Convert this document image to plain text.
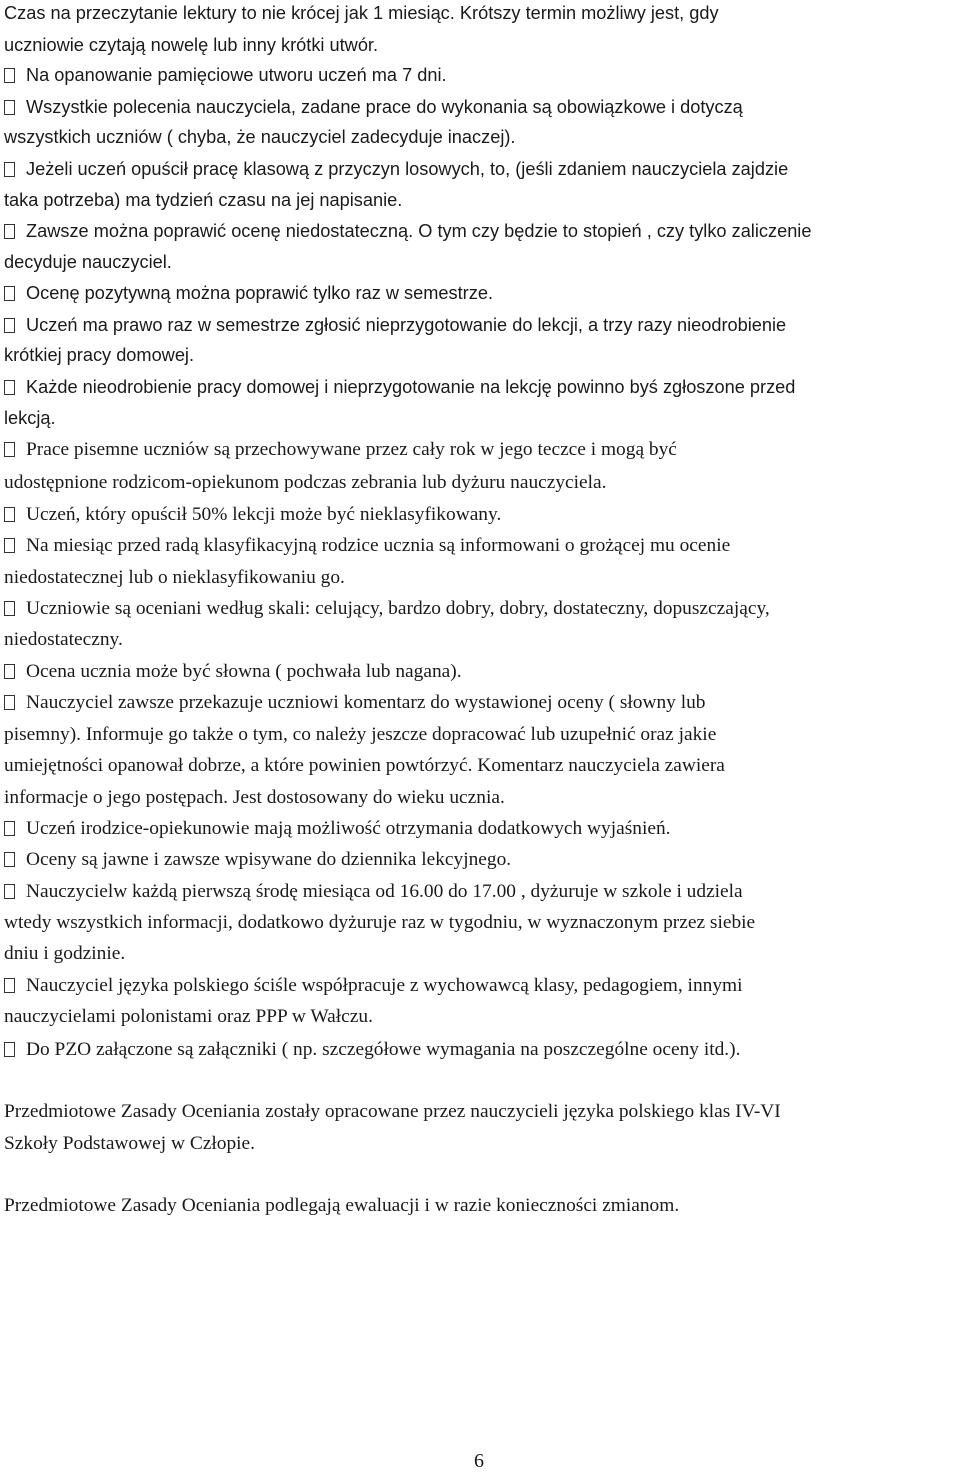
Czas na przeczytanie lektury to nie krócej jak 1 miesiąc. Krótszy termin możliwy jest, gdy
uczniowie czytają nowelę lub inny krótki utwór.
Na opanowanie pamięciowe utworu uczeń ma 7 dni.
Wszystkie polecenia nauczyciela, zadane prace do wykonania są obowiązkowe i dotyczą
wszystkich uczniów ( chyba, że nauczyciel zadecyduje inaczej).
Jeżeli uczeń opuścił pracę klasową z przyczyn losowych, to, (jeśli zdaniem nauczyciela zajdzie
taka potrzeba) ma tydzień czasu na jej napisanie.
Zawsze można poprawić ocenę niedostateczną. O tym czy będzie to stopień , czy tylko zaliczenie
decyduje nauczyciel.
Ocenę pozytywną można poprawić tylko raz w semestrze.
Uczeń ma prawo raz w semestrze zgłosić nieprzygotowanie do lekcji, a trzy razy nieodrobienie
krótkiej pracy domowej.
Każde nieodrobienie pracy domowej i nieprzygotowanie na lekcję powinno byś zgłoszone przed
lekcją.
Prace pisemne uczniów są przechowywane przez cały rok w jego teczce i mogą być
udostępnione rodzicom-opiekunom podczas zebrania lub dyżuru nauczyciela.
Uczeń, który opuścił 50% lekcji może być nieklasyfikowany.
Na miesiąc przed radą klasyfikacyjną rodzice ucznia są informowani o grożącej mu ocenie
niedostatecznej lub o nieklasyfikowaniu go.
Uczniowie są oceniani według skali: celujący, bardzo dobry, dobry, dostateczny, dopuszczający,
niedostateczny.
Ocena ucznia może być słowna ( pochwała lub nagana).
Nauczyciel zawsze przekazuje uczniowi komentarz do wystawionej oceny ( słowny lub
pisemny). Informuje go także o tym, co należy jeszcze dopracować lub uzupełnić oraz jakie
umiejętności opanował dobrze, a które powinien powtórzyć. Komentarz nauczyciela zawiera
informacje o jego postępach. Jest dostosowany do wieku ucznia.
Uczeń irodzice-opiekunowie mają możliwość otrzymania dodatkowych wyjaśnień.
Oceny są jawne i zawsze wpisywane do dziennika lekcyjnego.
Nauczycielw każdą pierwszą środę miesiąca od 16.00 do 17.00 , dyżuruje w szkole i udziela
wtedy wszystkich informacji, dodatkowo dyżuruje raz w tygodniu, w wyznaczonym przez siebie
dniu i godzinie.
Nauczyciel języka polskiego ściśle współpracuje z wychowawcą klasy, pedagogiem, innymi
nauczycielami polonistami oraz PPP w Wałczu.
Do PZO załączone są załączniki ( np. szczegółowe wymagania na poszczególne oceny itd.).
Przedmiotowe Zasady Oceniania zostały opracowane przez nauczycieli języka polskiego klas IV-VI
Szkoły Podstawowej w Człopie.
Przedmiotowe Zasady Oceniania podlegają ewaluacji i w razie konieczności zmianom.
6
